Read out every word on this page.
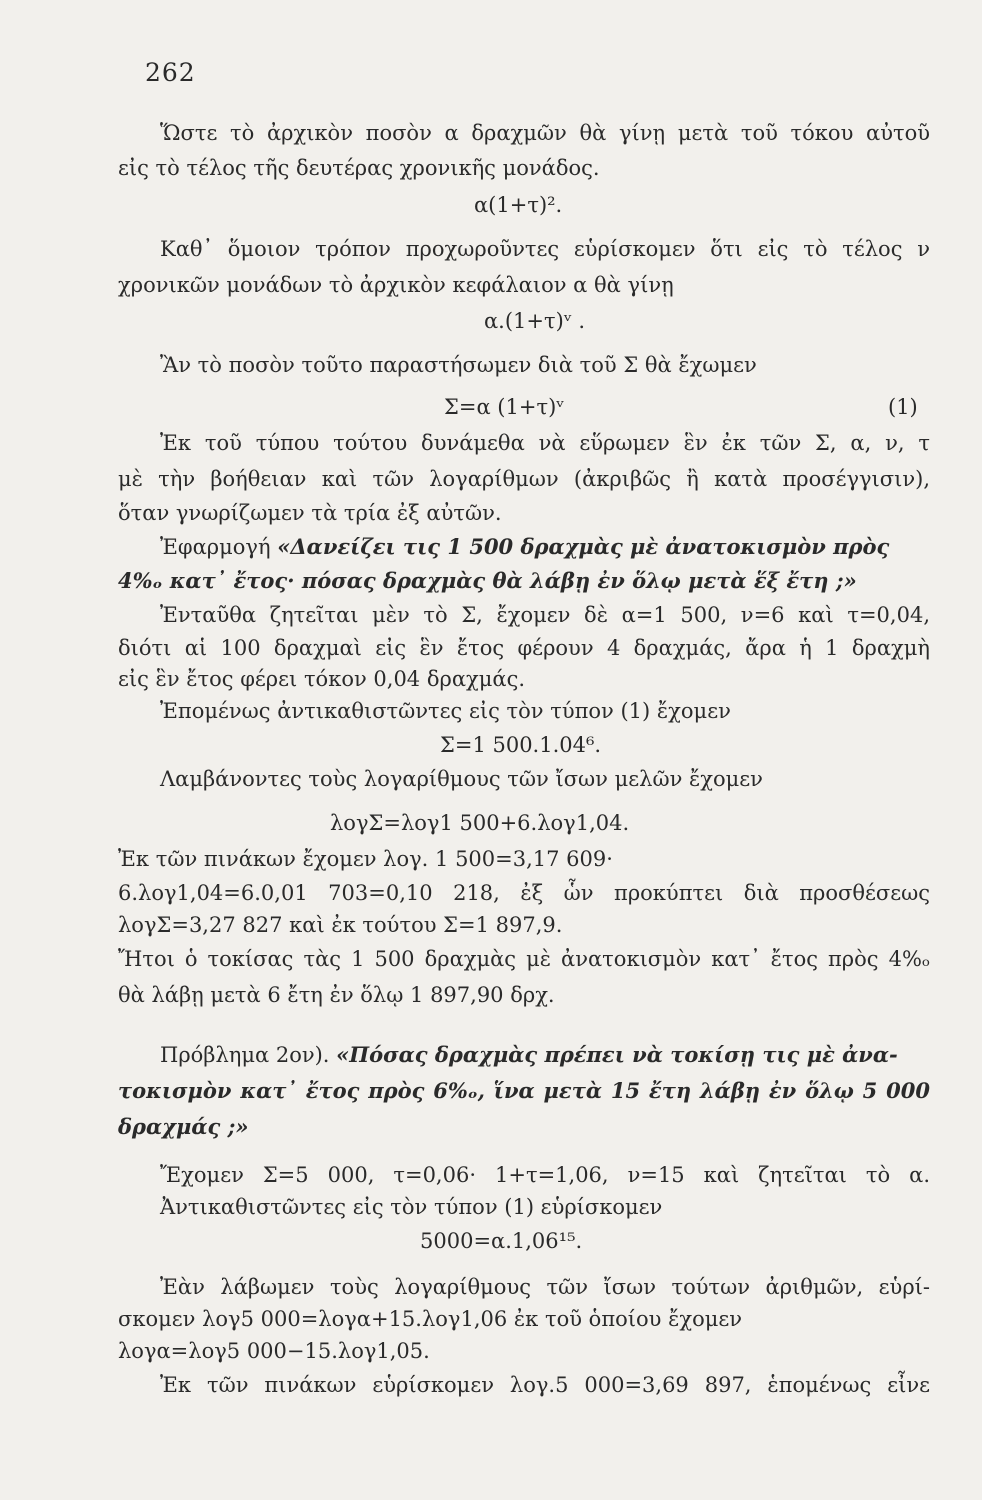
262
Ὥστε τὸ ἀρχικὸν ποσὸν α δραχμῶν θὰ γίνῃ μετὰ τοῦ τόκου αὐτοῦ
εἰς τὸ τέλος τῆς δευτέρας χρονικῆς μονάδος.
α(1+τ)².
Καθ᾽ ὅμοιον τρόπον προχωροῦντες εὑρίσκομεν ὅτι εἰς τὸ τέλος ν
χρονικῶν μονάδων τὸ ἀρχικὸν κεφάλαιον α θὰ γίνῃ
α.(1+τ)ᵛ .
Ἂν τὸ ποσὸν τοῦτο παραστήσωμεν διὰ τοῦ Σ θὰ ἔχωμεν
Σ=α (1+τ)ᵛ	(1)
Ἐκ τοῦ τύπου τούτου δυνάμεθα νὰ εὕρωμεν ἓν ἐκ τῶν Σ, α, ν, τ
μὲ τὴν βοήθειαν καὶ τῶν λογαρίθμων (ἀκριβῶς ἢ κατὰ προσέγγισιν),
ὅταν γνωρίζωμεν τὰ τρία ἐξ αὐτῶν.
Ἐφαρμογή «Δανείζει τις 1 500 δραχμὰς μὲ ἀνατοκισμὸν πρὸς
4%ₒ κατ᾽ ἔτος· πόσας δραχμὰς θὰ λάβῃ ἐν ὅλῳ μετὰ ἕξ ἔτη ;»
Ἐνταῦθα ζητεῖται μὲν τὸ Σ, ἔχομεν δὲ α=1 500, ν=6 καὶ τ=0,04,
διότι αἱ 100 δραχμαὶ εἰς ἓν ἔτος φέρουν 4 δραχμάς, ἄρα ἡ 1 δραχμὴ
εἰς ἓν ἔτος φέρει τόκον 0,04 δραχμάς.
Ἐπομένως ἀντικαθιστῶντες εἰς τὸν τύπον (1) ἔχομεν
Σ=1 500.1.04⁶.
Λαμβάνοντες τοὺς λογαρίθμους τῶν ἴσων μελῶν ἔχομεν
λογΣ=λογ1 500+6.λογ1,04.
Ἐκ τῶν πινάκων ἔχομεν λογ. 1 500=3,17 609·
6.λογ1,04=6.0,01 703=0,10 218, ἐξ ὧν προκύπτει διὰ προσθέσεως
λογΣ=3,27 827 καὶ ἐκ τούτου Σ=1 897,9.
Ἤτοι ὁ τοκίσας τὰς 1 500 δραχμὰς μὲ ἀνατοκισμὸν κατ᾽ ἔτος πρὸς 4%ₒ
θὰ λάβῃ μετὰ 6 ἔτη ἐν ὅλῳ 1 897,90 δρχ.
Πρόβλημα 2ον). «Πόσας δραχμὰς πρέπει νὰ τοκίσῃ τις μὲ ἀνα-
τοκισμὸν κατ᾽ ἔτος πρὸς 6%ₒ, ἵνα μετὰ 15 ἔτη λάβῃ ἐν ὅλῳ 5 000
δραχμάς ;»
Ἔχομεν Σ=5 000, τ=0,06· 1+τ=1,06, ν=15 καὶ ζητεῖται τὸ α.
Ἀντικαθιστῶντες εἰς τὸν τύπον (1) εὑρίσκομεν
5000=α.1,06¹⁵.
Ἐὰν λάβωμεν τοὺς λογαρίθμους τῶν ἴσων τούτων ἀριθμῶν, εὑρί-
σκομεν λογ5 000=λογα+15.λογ1,06 ἐκ τοῦ ὁποίου ἔχομεν
λογα=λογ5 000−15.λογ1,05.
Ἐκ τῶν πινάκων εὑρίσκομεν λογ.5 000=3,69 897, ἑπομένως εἶνε
